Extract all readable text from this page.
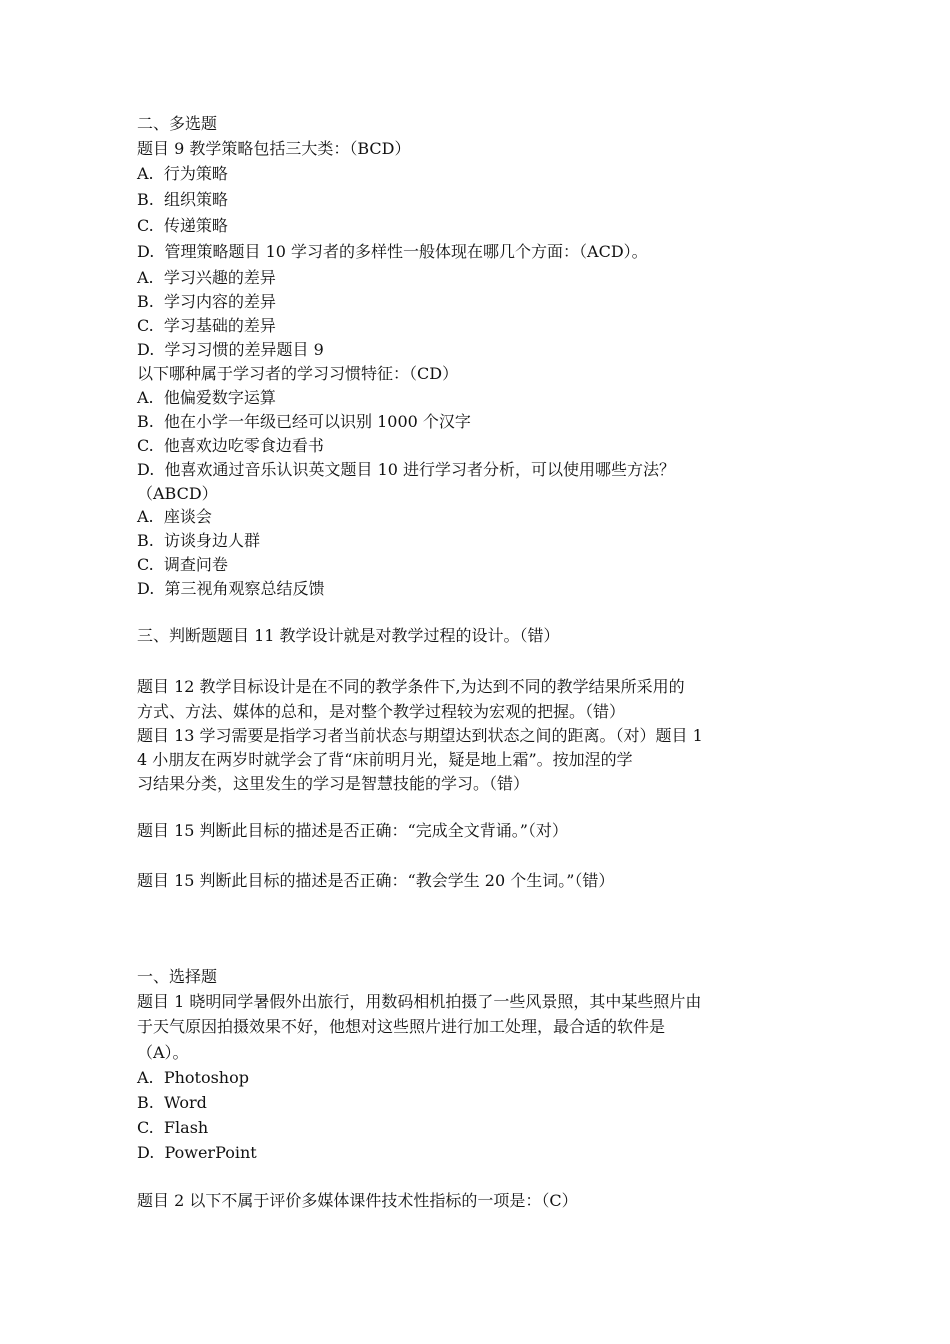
二、多选题
题目 9 教学策略包括三大类：（BCD）
A.  行为策略
B.  组织策略
C.  传递策略
D.  管理策略题目 10 学习者的多样性一般体现在哪几个方面：（ACD）。
A.  学习兴趣的差异
B.  学习内容的差异
C.  学习基础的差异
D.  学习习惯的差异题目 9
以下哪种属于学习者的学习习惯特征：（CD）
A.  他偏爱数字运算
B.  他在小学一年级已经可以识别 1000 个汉字
C.  他喜欢边吃零食边看书
D.  他喜欢通过音乐认识英文题目 10 进行学习者分析，可以使用哪些方法？
（ABCD）
A.  座谈会
B.  访谈身边人群
C.  调查问卷
D.  第三视角观察总结反馈
三、判断题题目 11 教学设计就是对教学过程的设计。（错）
题目 12 教学目标设计是在不同的教学条件下,为达到不同的教学结果所采用的
方式、方法、媒体的总和，是对整个教学过程较为宏观的把握。（错）
题目 13 学习需要是指学习者当前状态与期望达到状态之间的距离。（对）题目 1
4 小朋友在两岁时就学会了背“床前明月光，疑是地上霜”。按加涅的学
习结果分类，这里发生的学习是智慧技能的学习。（错）
题目 15 判断此目标的描述是否正确：“完成全文背诵。”（对）
题目 15 判断此目标的描述是否正确：“教会学生 20 个生词。”（错）
一、选择题
题目 1 晓明同学暑假外出旅行，用数码相机拍摄了一些风景照，其中某些照片由
于天气原因拍摄效果不好，他想对这些照片进行加工处理，最合适的软件是
（A）。
A.  Photoshop
B.  Word
C.  Flash
D.  PowerPoint
题目 2 以下不属于评价多媒体课件技术性指标的一项是：（C）
